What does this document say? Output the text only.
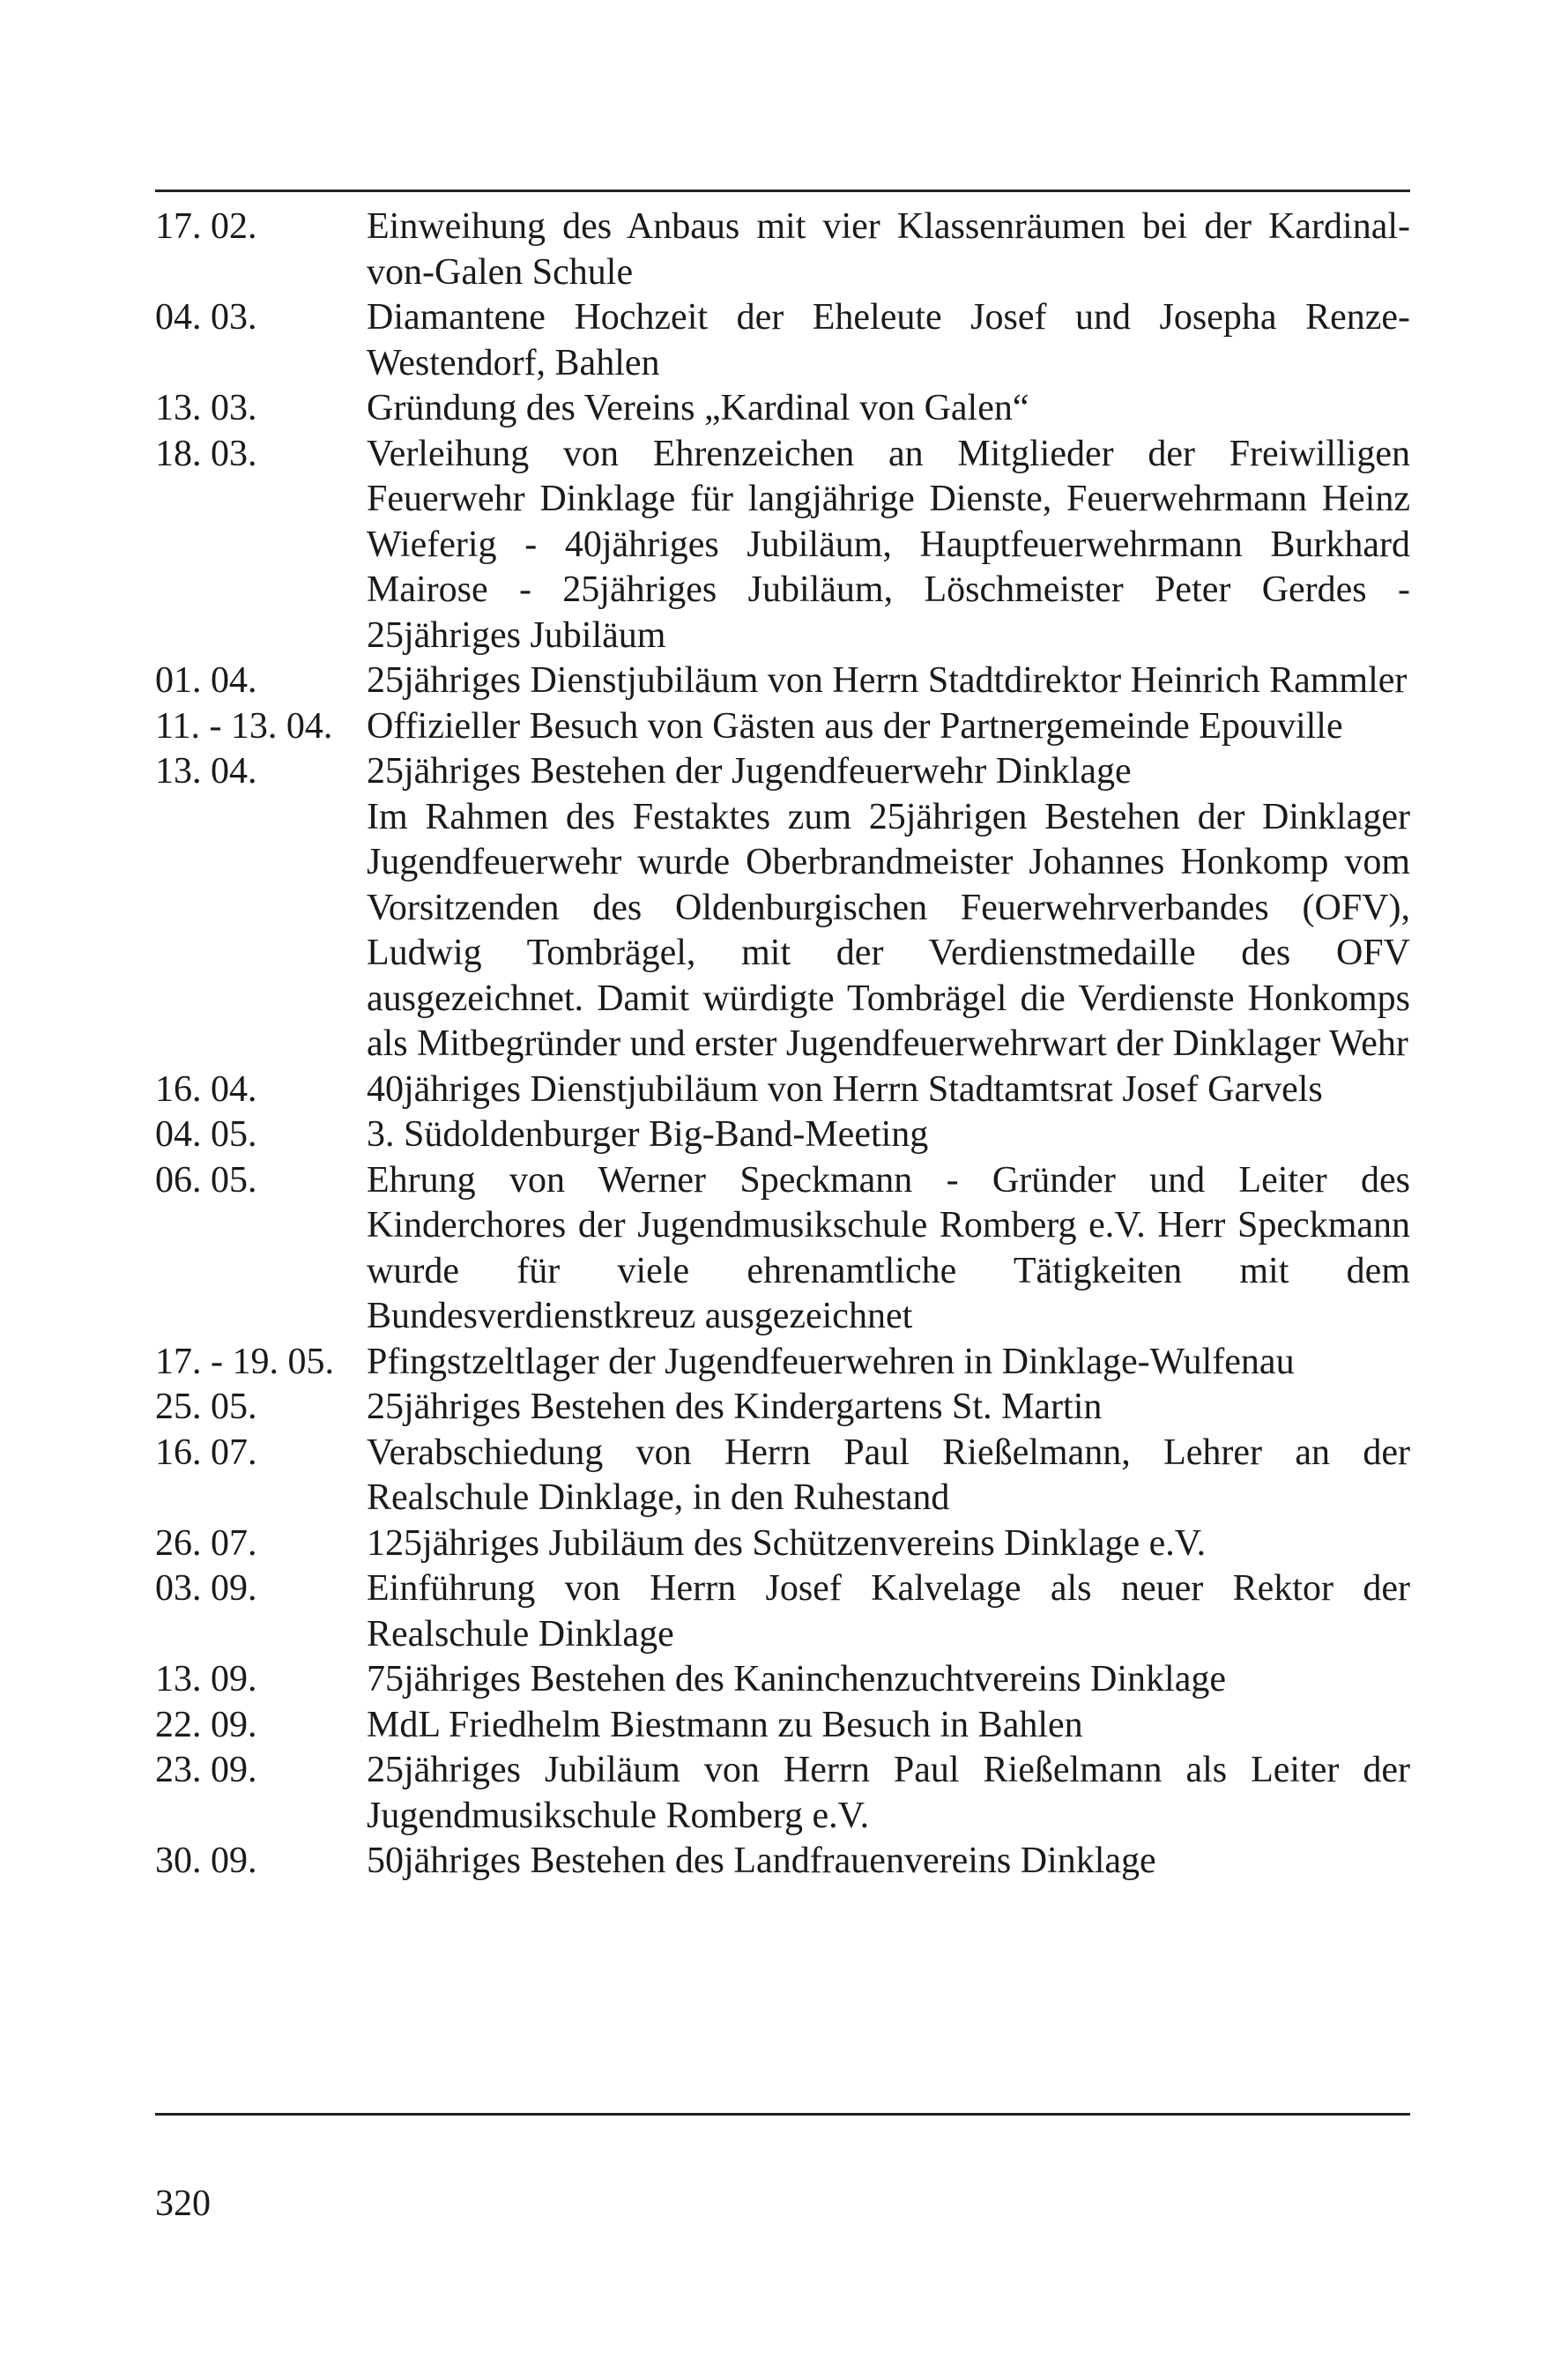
17. 02.	Einweihung des Anbaus mit vier Klassenräumen bei der Kardinal-von-Galen Schule
04. 03.	Diamantene Hochzeit der Eheleute Josef und Josepha Renze-Westendorf, Bahlen
13. 03.	Gründung des Vereins „Kardinal von Galen“
18. 03.	Verleihung von Ehrenzeichen an Mitglieder der Freiwilligen Feuerwehr Dinklage für langjährige Dienste, Feuerwehrmann Heinz Wieferig - 40jähriges Jubiläum, Hauptfeuerwehrmann Burkhard Mairose - 25jähriges Jubiläum, Löschmeister Peter Gerdes - 25jähriges Jubiläum
01. 04.	25jähriges Dienstjubiläum von Herrn Stadtdirektor Heinrich Rammler
11. - 13. 04. Offizieller Besuch von Gästen aus der Partnergemeinde Epouville
13. 04.	25jähriges Bestehen der Jugendfeuerwehr Dinklage
Im Rahmen des Festaktes zum 25jährigen Bestehen der Dinklager Jugendfeuerwehr wurde Oberbrandmeister Johannes Honkomp vom Vorsitzenden des Oldenburgischen Feuerwehrverbandes (OFV), Ludwig Tombrägel, mit der Verdienstmedaille des OFV ausgezeichnet. Damit würdigte Tombrägel die Verdienste Honkomps als Mitbegründer und erster Jugendfeuerwehrwart der Dinklager Wehr
16. 04.	40jähriges Dienstjubiläum von Herrn Stadtamtsrat Josef Garvels
04. 05.	3. Südoldenburger Big-Band-Meeting
06. 05.	Ehrung von Werner Speckmann - Gründer und Leiter des Kinderchores der Jugendmusikschule Romberg e.V. Herr Speckmann wurde für viele ehrenamtliche Tätigkeiten mit dem Bundesverdienstkreuz ausgezeichnet
17. - 19. 05. Pfingstzeltlager der Jugendfeuerwehren in Dinklage-Wulfenau
25. 05.	25jähriges Bestehen des Kindergartens St. Martin
16. 07.	Verabschiedung von Herrn Paul Rießelmann, Lehrer an der Realschule Dinklage, in den Ruhestand
26. 07.	125jähriges Jubiläum des Schützenvereins Dinklage e.V.
03. 09.	Einführung von Herrn Josef Kalvelage als neuer Rektor der Realschule Dinklage
13. 09.	75jähriges Bestehen des Kaninchenzuchtvereins Dinklage
22. 09.	MdL Friedhelm Biestmann zu Besuch in Bahlen
23. 09.	25jähriges Jubiläum von Herrn Paul Rießelmann als Leiter der Jugendmusikschule Romberg e.V.
30. 09.	50jähriges Bestehen des Landfrauenvereins Dinklage
320
